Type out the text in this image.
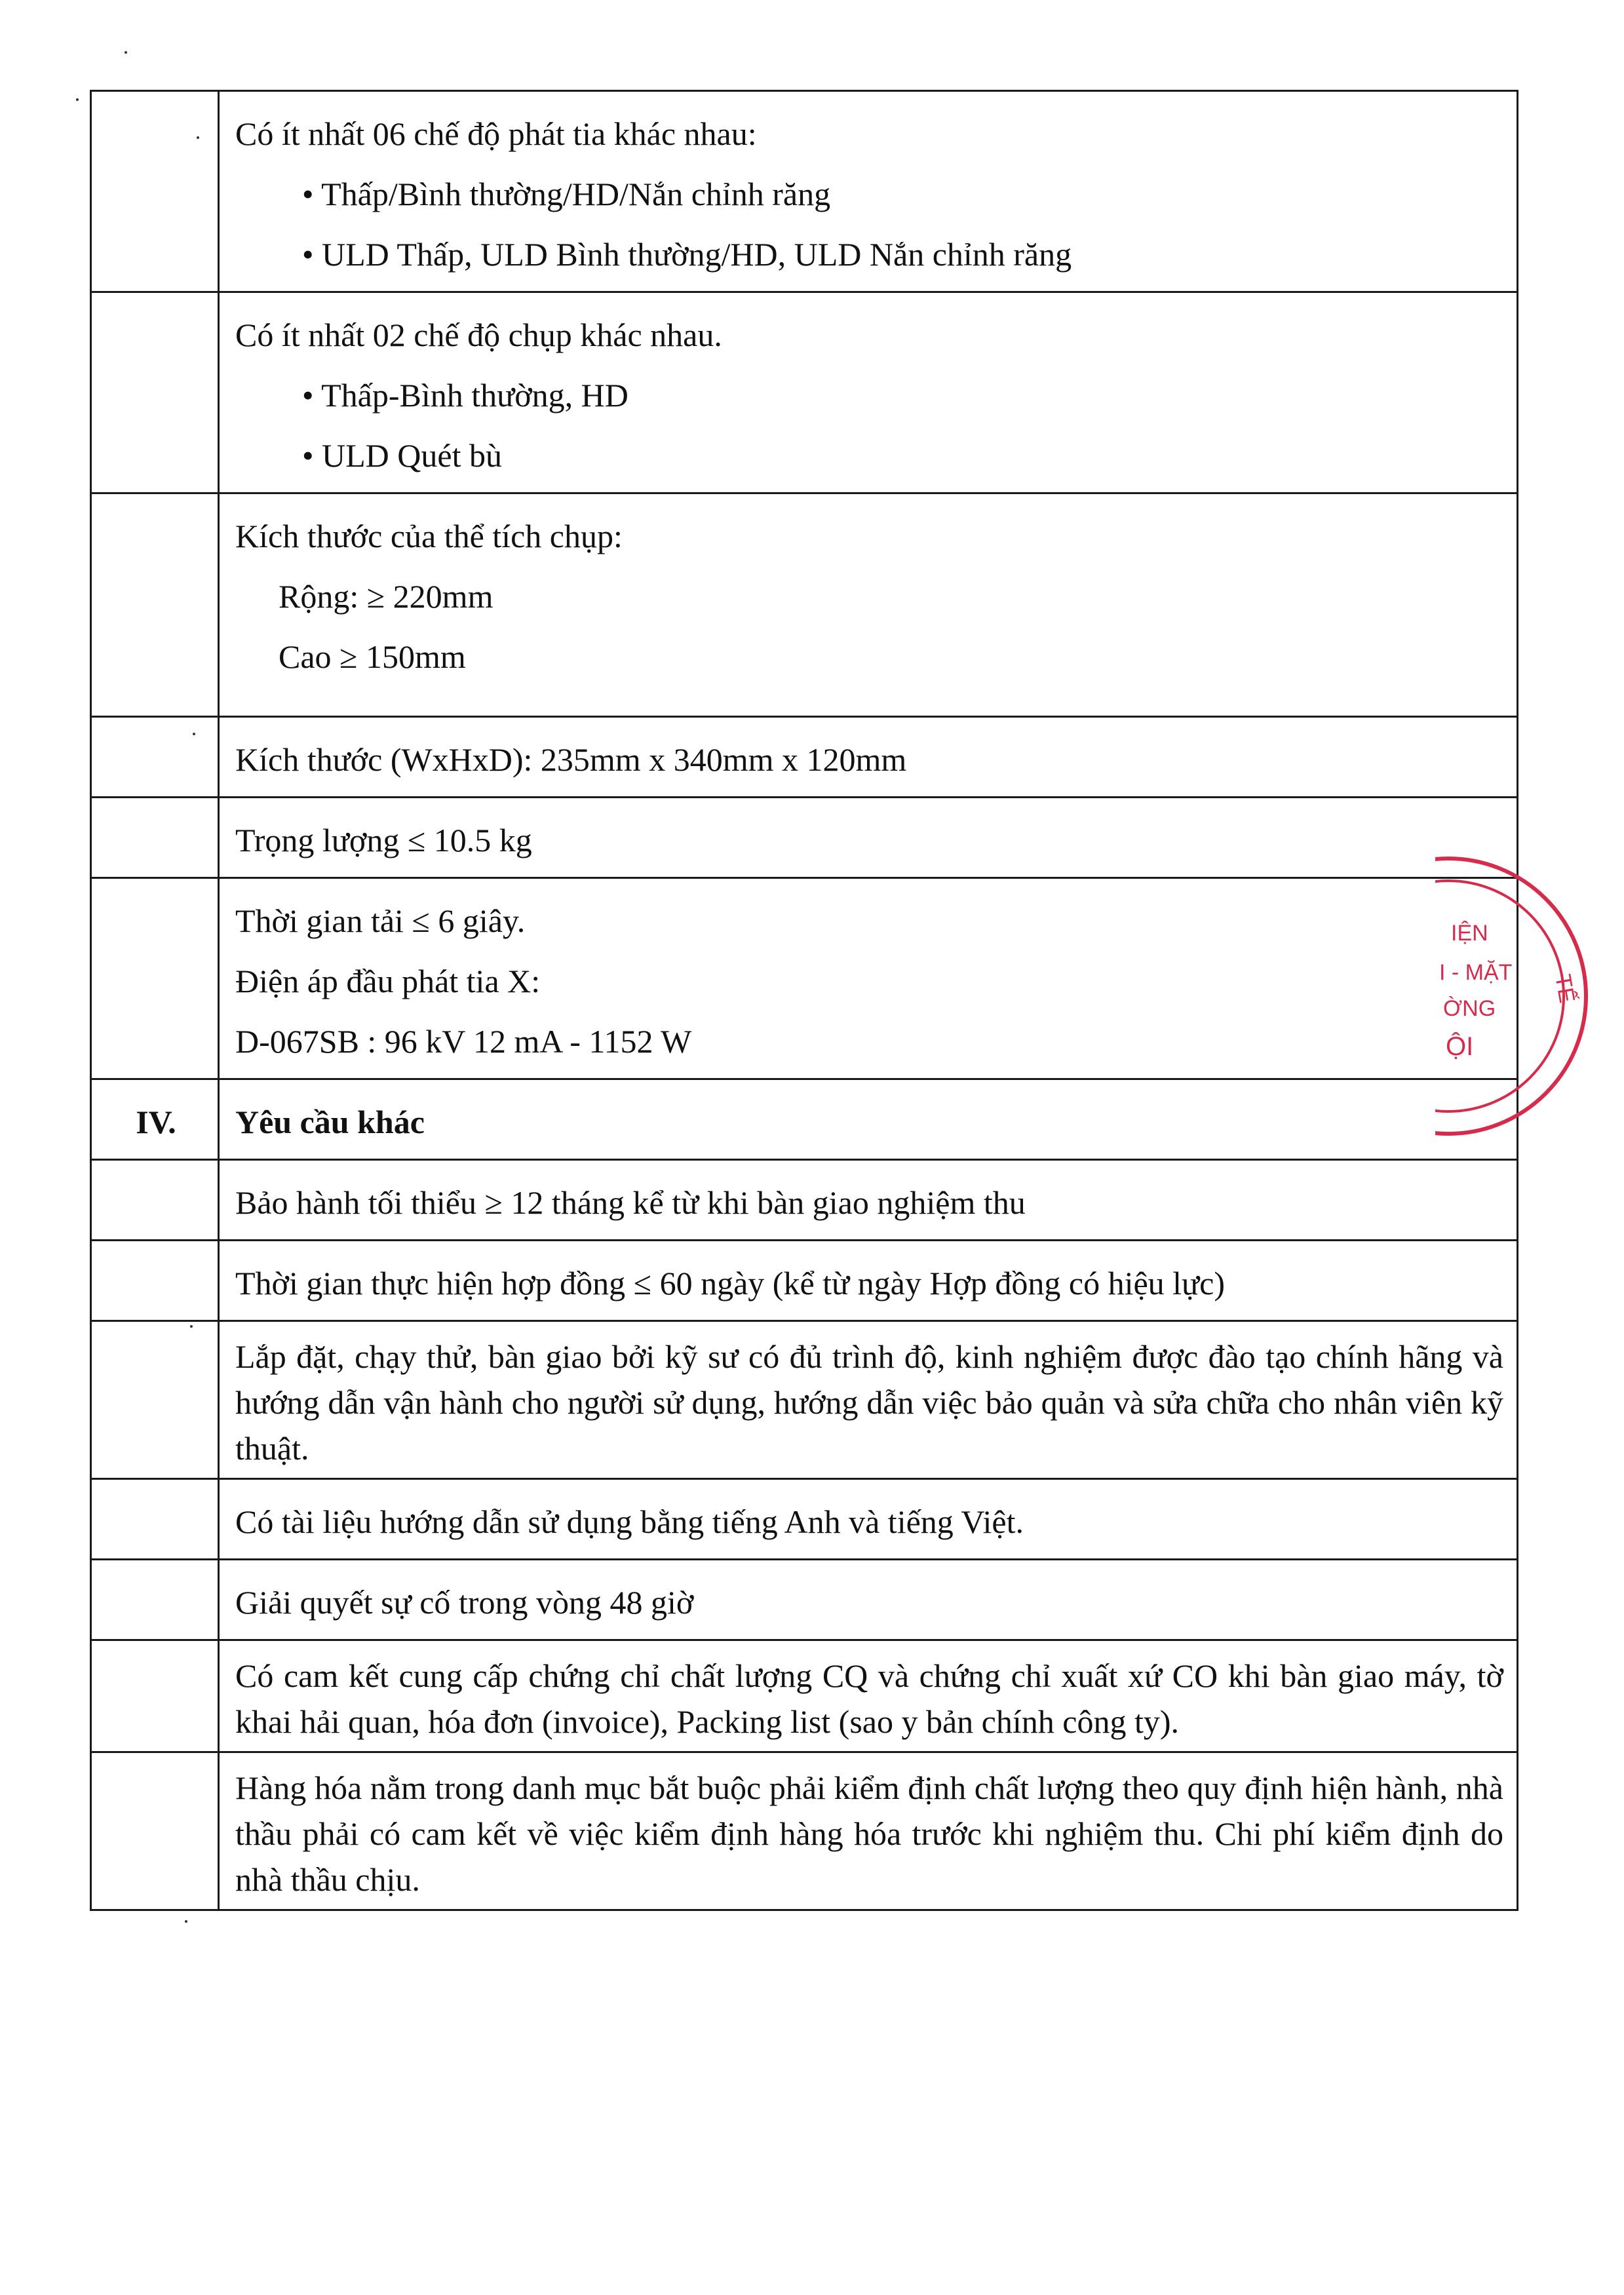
	Có ít nhất 06 chế độ phát tia khác nhau:
• Thấp/Bình thường/HD/Nắn chỉnh răng
• ULD Thấp, ULD Bình thường/HD, ULD Nắn chỉnh răng

	Có ít nhất 02 chế độ chụp khác nhau.
• Thấp-Bình thường, HD
• ULD Quét bù

	Kích thước của thể tích chụp:
Rộng: ≥ 220mm
Cao ≥ 150mm

	Kích thước (WxHxD): 235mm x 340mm x 120mm

	Trọng lượng ≤ 10.5 kg

	Thời gian tải ≤ 6 giây.
Điện áp đầu phát tia X:
D-067SB : 96 kV 12 mA - 1152 W

IV.	Yêu cầu khác

	Bảo hành tối thiểu ≥ 12 tháng kể từ khi bàn giao nghiệm thu

	Thời gian thực hiện hợp đồng ≤ 60 ngày (kể từ ngày Hợp đồng có hiệu lực)

	Lắp đặt, chạy thử, bàn giao bởi kỹ sư có đủ trình độ, kinh nghiệm được đào tạo chính hãng và hướng dẫn vận hành cho người sử dụng, hướng dẫn việc bảo quản và sửa chữa cho nhân viên kỹ thuật.

	Có tài liệu hướng dẫn sử dụng bằng tiếng Anh và tiếng Việt.

	Giải quyết sự cố trong vòng 48 giờ

	Có cam kết cung cấp chứng chỉ chất lượng CQ và chứng chỉ xuất xứ CO khi bàn giao máy, tờ khai hải quan, hóa đơn (invoice), Packing list (sao y bản chính công ty).

	Hàng hóa nằm trong danh mục bắt buộc phải kiểm định chất lượng theo quy định hiện hành, nhà thầu phải có cam kết về việc kiểm định hàng hóa trước khi nghiệm thu. Chi phí kiểm định do nhà thầu chịu.
IỆN
I - MẶT
ỜNG
ỘI
TẾ
